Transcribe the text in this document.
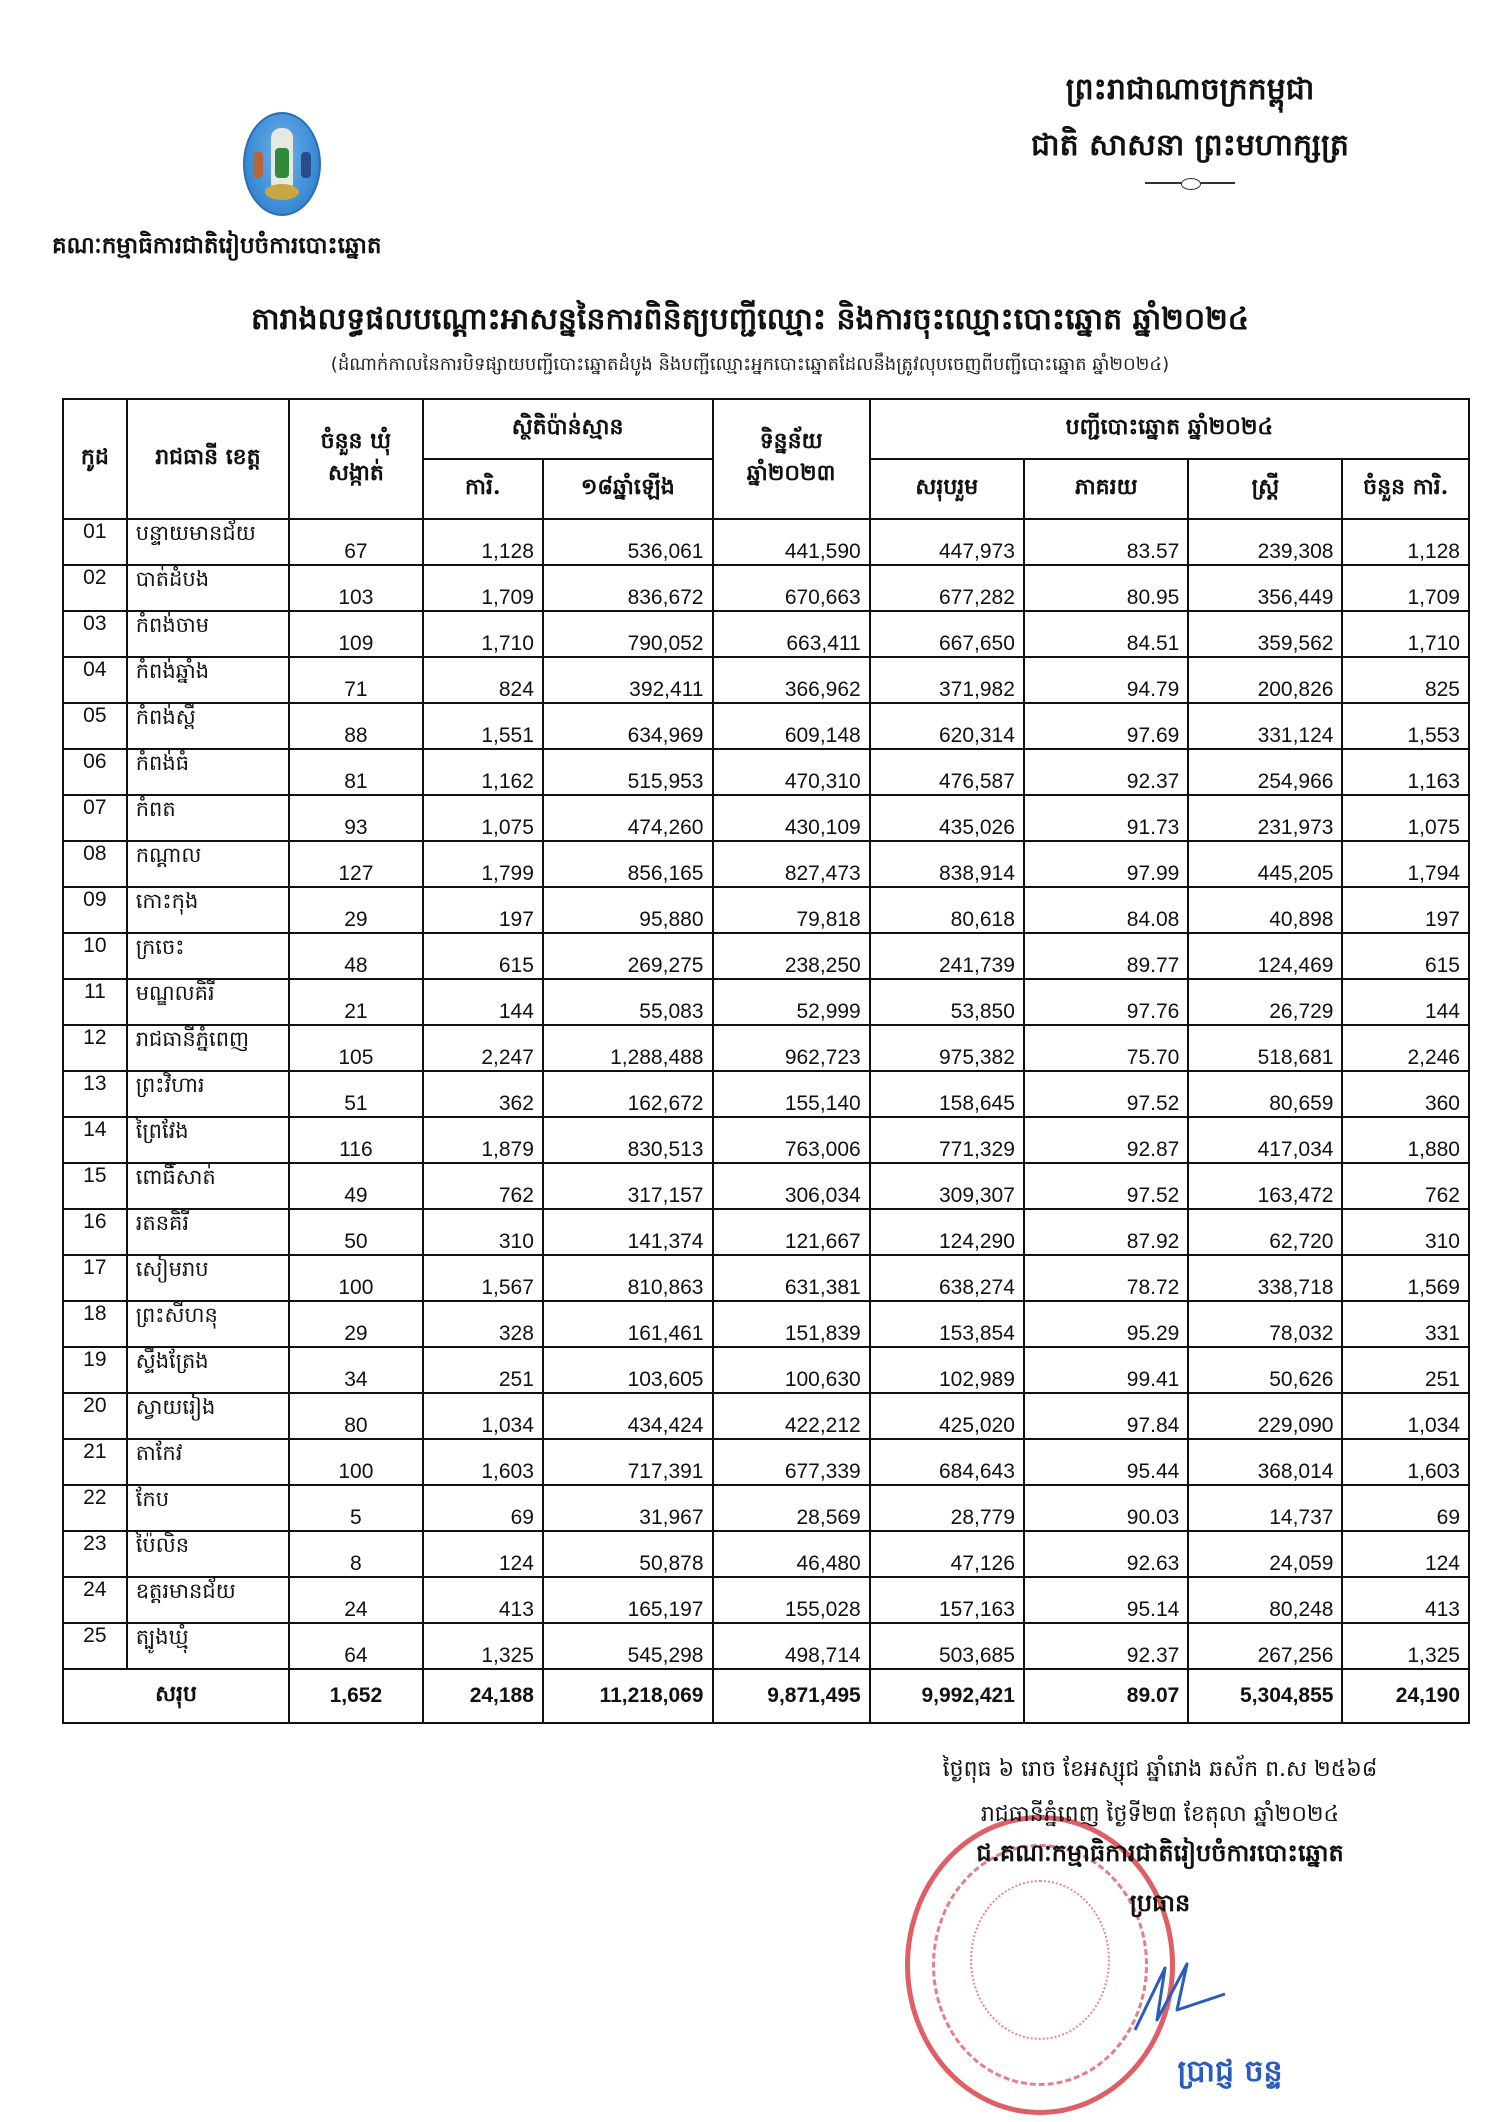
ព្រះរាជាណាចក្រកម្ពុជា
ជាតិ សាសនា ព្រះមហាក្សត្រ
គណៈកម្មាធិការជាតិរៀបចំការបោះឆ្នោត
តារាងលទ្ធផលបណ្ដោះអាសន្ននៃការពិនិត្យបញ្ជីឈ្មោះ និងការចុះឈ្មោះបោះឆ្នោត ឆ្នាំ២០២៤
(ដំណាក់កាលនៃការបិទផ្សាយបញ្ជីបោះឆ្នោតដំបូង និងបញ្ជីឈ្មោះអ្នកបោះឆ្នោតដែលនឹងត្រូវលុបចេញពីបញ្ជីបោះឆ្នោត ឆ្នាំ២០២៤)
កូដ	រាជធានី ខេត្ត	ចំនួន ឃុំ សង្កាត់	ស្ថិតិប៉ាន់ស្មាន		ទិន្នន័យ ឆ្នាំ២០២៣	បញ្ជីបោះឆ្នោត ឆ្នាំ២០២៤			
			ការិ.	១៨ឆ្នាំឡើង		សរុបរួម	ភាគរយ	ស្ត្រី	ចំនួន ការិ.
01	បន្ទាយមានជ័យ	67	1,128	536,061	441,590	447,973	83.57	239,308	1,128
02	បាត់ដំបង	103	1,709	836,672	670,663	677,282	80.95	356,449	1,709
03	កំពង់ចាម	109	1,710	790,052	663,411	667,650	84.51	359,562	1,710
04	កំពង់ឆ្នាំង	71	824	392,411	366,962	371,982	94.79	200,826	825
05	កំពង់ស្ពឺ	88	1,551	634,969	609,148	620,314	97.69	331,124	1,553
06	កំពង់ធំ	81	1,162	515,953	470,310	476,587	92.37	254,966	1,163
07	កំពត	93	1,075	474,260	430,109	435,026	91.73	231,973	1,075
08	កណ្ដាល	127	1,799	856,165	827,473	838,914	97.99	445,205	1,794
09	កោះកុង	29	197	95,880	79,818	80,618	84.08	40,898	197
10	ក្រចេះ	48	615	269,275	238,250	241,739	89.77	124,469	615
11	មណ្ឌលគិរី	21	144	55,083	52,999	53,850	97.76	26,729	144
12	រាជធានីភ្នំពេញ	105	2,247	1,288,488	962,723	975,382	75.70	518,681	2,246
13	ព្រះវិហារ	51	362	162,672	155,140	158,645	97.52	80,659	360
14	ព្រៃវែង	116	1,879	830,513	763,006	771,329	92.87	417,034	1,880
15	ពោធិ៍សាត់	49	762	317,157	306,034	309,307	97.52	163,472	762
16	រតនគិរី	50	310	141,374	121,667	124,290	87.92	62,720	310
17	សៀមរាប	100	1,567	810,863	631,381	638,274	78.72	338,718	1,569
18	ព្រះសីហនុ	29	328	161,461	151,839	153,854	95.29	78,032	331
19	ស្ទឹងត្រែង	34	251	103,605	100,630	102,989	99.41	50,626	251
20	ស្វាយរៀង	80	1,034	434,424	422,212	425,020	97.84	229,090	1,034
21	តាកែវ	100	1,603	717,391	677,339	684,643	95.44	368,014	1,603
22	កែប	5	69	31,967	28,569	28,779	90.03	14,737	69
23	ប៉ៃលិន	8	124	50,878	46,480	47,126	92.63	24,059	124
24	ឧត្ដរមានជ័យ	24	413	165,197	155,028	157,163	95.14	80,248	413
25	ត្បូងឃ្មុំ	64	1,325	545,298	498,714	503,685	92.37	267,256	1,325
សរុប		1,652	24,188	11,218,069	9,871,495	9,992,421	89.07	5,304,855	24,190
ថ្ងៃពុធ ៦ រោច ខែអស្សុជ ឆ្នាំរោង ឆស័ក ព.ស ២៥៦៨
រាជធានីភ្នំពេញ ថ្ងៃទី២៣ ខែតុលា ឆ្នាំ២០២៤
ជ.គណៈកម្មាធិការជាតិរៀបចំការបោះឆ្នោត
ប្រធាន
ប្រាជ្ញ ចន្ទ
